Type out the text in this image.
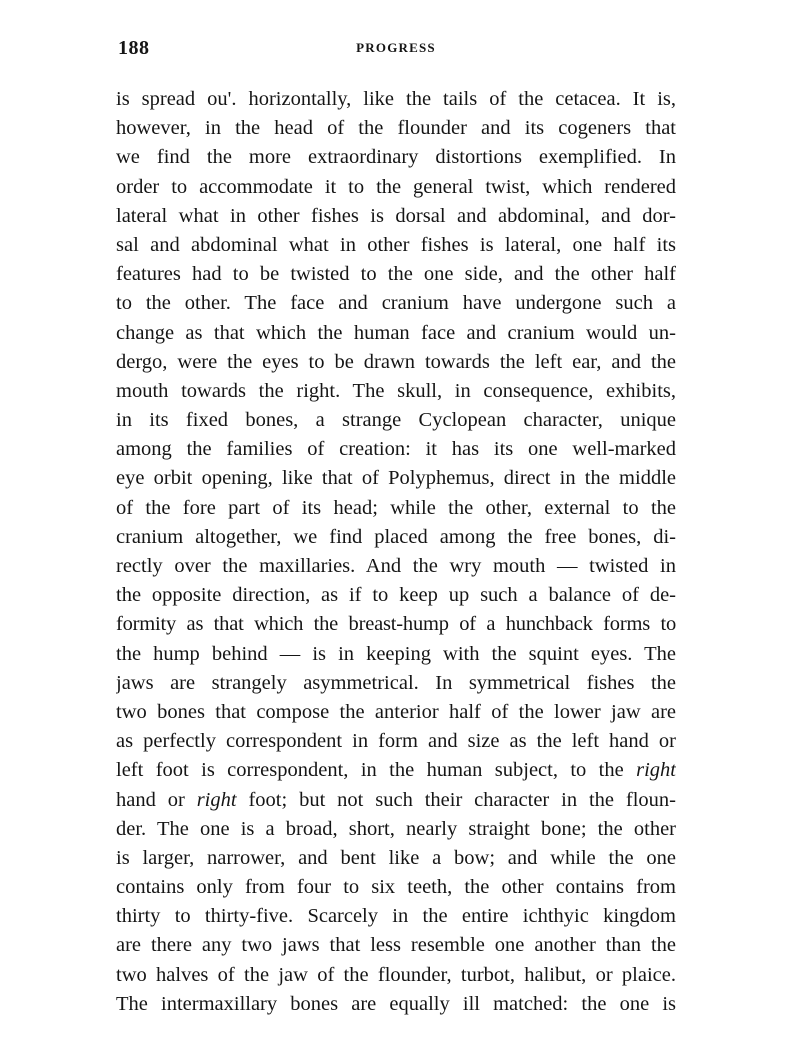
188	PROGRESS
is spread ou'. horizontally, like the tails of the cetacea. It is,
however, in the head of the flounder and its cogeners that
we find the more extraordinary distortions exemplified. In
order to accommodate it to the general twist, which rendered
lateral what in other fishes is dorsal and abdominal, and dor-
sal and abdominal what in other fishes is lateral, one half its
features had to be twisted to the one side, and the other half
to the other. The face and cranium have undergone such a
change as that which the human face and cranium would un-
dergo, were the eyes to be drawn towards the left ear, and the
mouth towards the right. The skull, in consequence, exhibits,
in its fixed bones, a strange Cyclopean character, unique
among the families of creation: it has its one well-marked
eye orbit opening, like that of Polyphemus, direct in the middle
of the fore part of its head; while the other, external to the
cranium altogether, we find placed among the free bones, di-
rectly over the maxillaries. And the wry mouth — twisted in
the opposite direction, as if to keep up such a balance of de-
formity as that which the breast-hump of a hunchback forms to
the hump behind — is in keeping with the squint eyes. The
jaws are strangely asymmetrical. In symmetrical fishes the
two bones that compose the anterior half of the lower jaw are
as perfectly correspondent in form and size as the left hand or
left foot is correspondent, in the human subject, to the right
hand or right foot; but not such their character in the floun-
der. The one is a broad, short, nearly straight bone; the other
is larger, narrower, and bent like a bow; and while the one
contains only from four to six teeth, the other contains from
thirty to thirty-five. Scarcely in the entire ichthyic kingdom
are there any two jaws that less resemble one another than the
two halves of the jaw of the flounder, turbot, halibut, or plaice.
The intermaxillary bones are equally ill matched: the one is
